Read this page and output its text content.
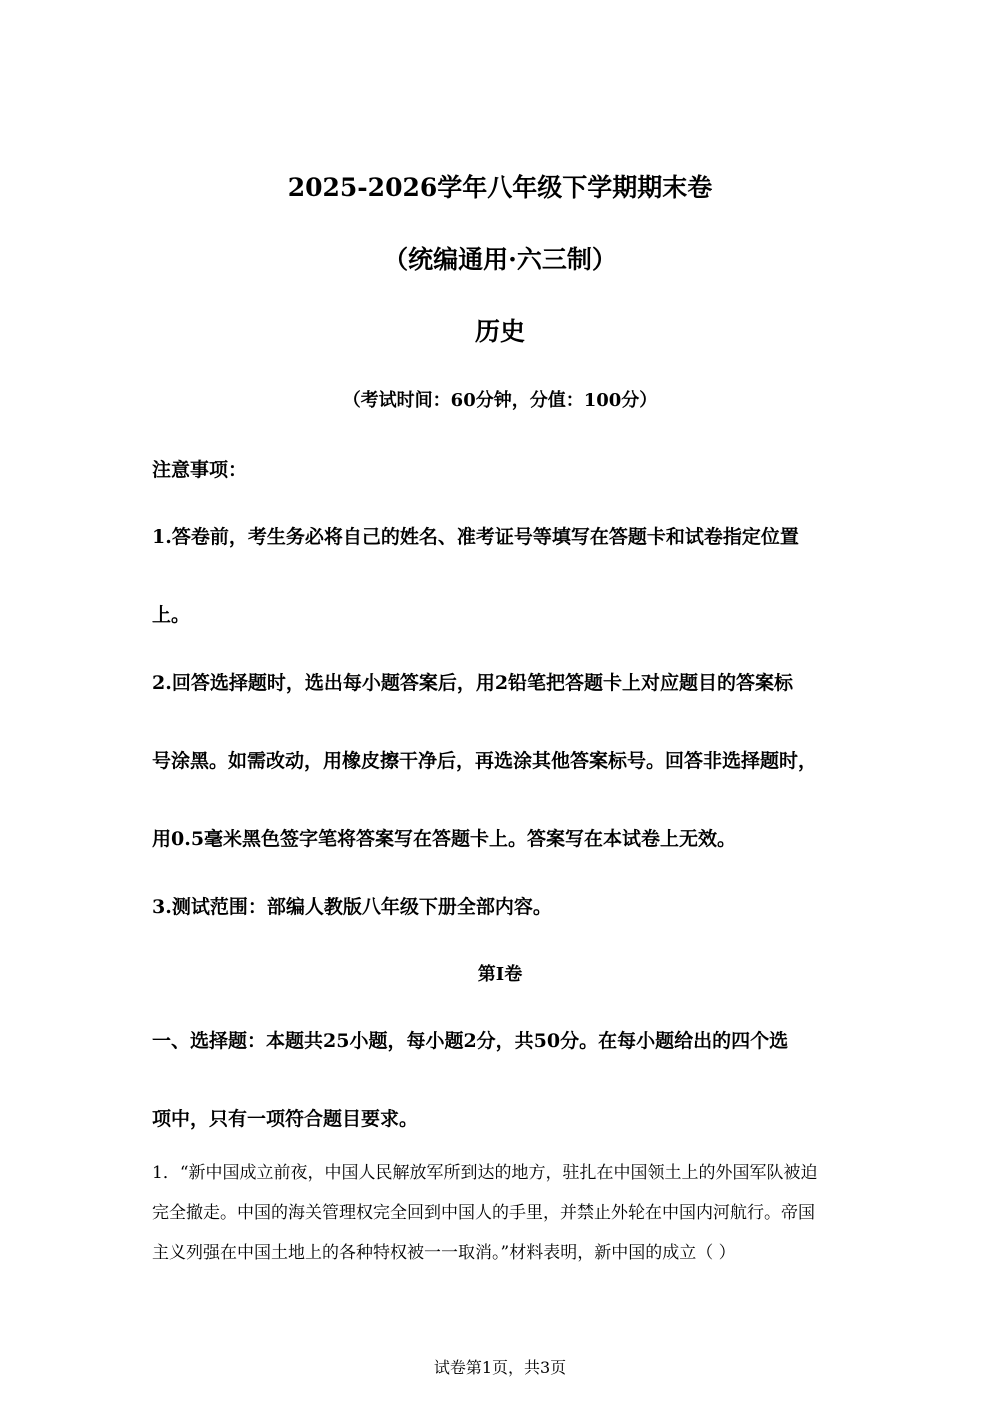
2025-2026学年八年级下学期期末卷
（统编通用·六三制）
历史
（考试时间：60分钟，分值：100分）
注意事项：
1.答卷前，考生务必将自己的姓名、准考证号等填写在答题卡和试卷指定位置
上。
2.回答选择题时，选出每小题答案后，用2铅笔把答题卡上对应题目的答案标
号涂黑。如需改动，用橡皮擦干净后，再选涂其他答案标号。回答非选择题时，
用0.5毫米黑色签字笔将答案写在答题卡上。答案写在本试卷上无效。
3.测试范围：部编人教版八年级下册全部内容。
第Ⅰ卷
一、选择题：本题共25小题，每小题2分，共50分。在每小题给出的四个选
项中，只有一项符合题目要求。
1．“新中国成立前夜，中国人民解放军所到达的地方，驻扎在中国领土上的外国军队被迫
完全撤走。中国的海关管理权完全回到中国人的手里，并禁止外轮在中国内河航行。帝国
主义列强在中国土地上的各种特权被一一取消。”材料表明，新中国的成立（ ）
试卷第1页，共3页
